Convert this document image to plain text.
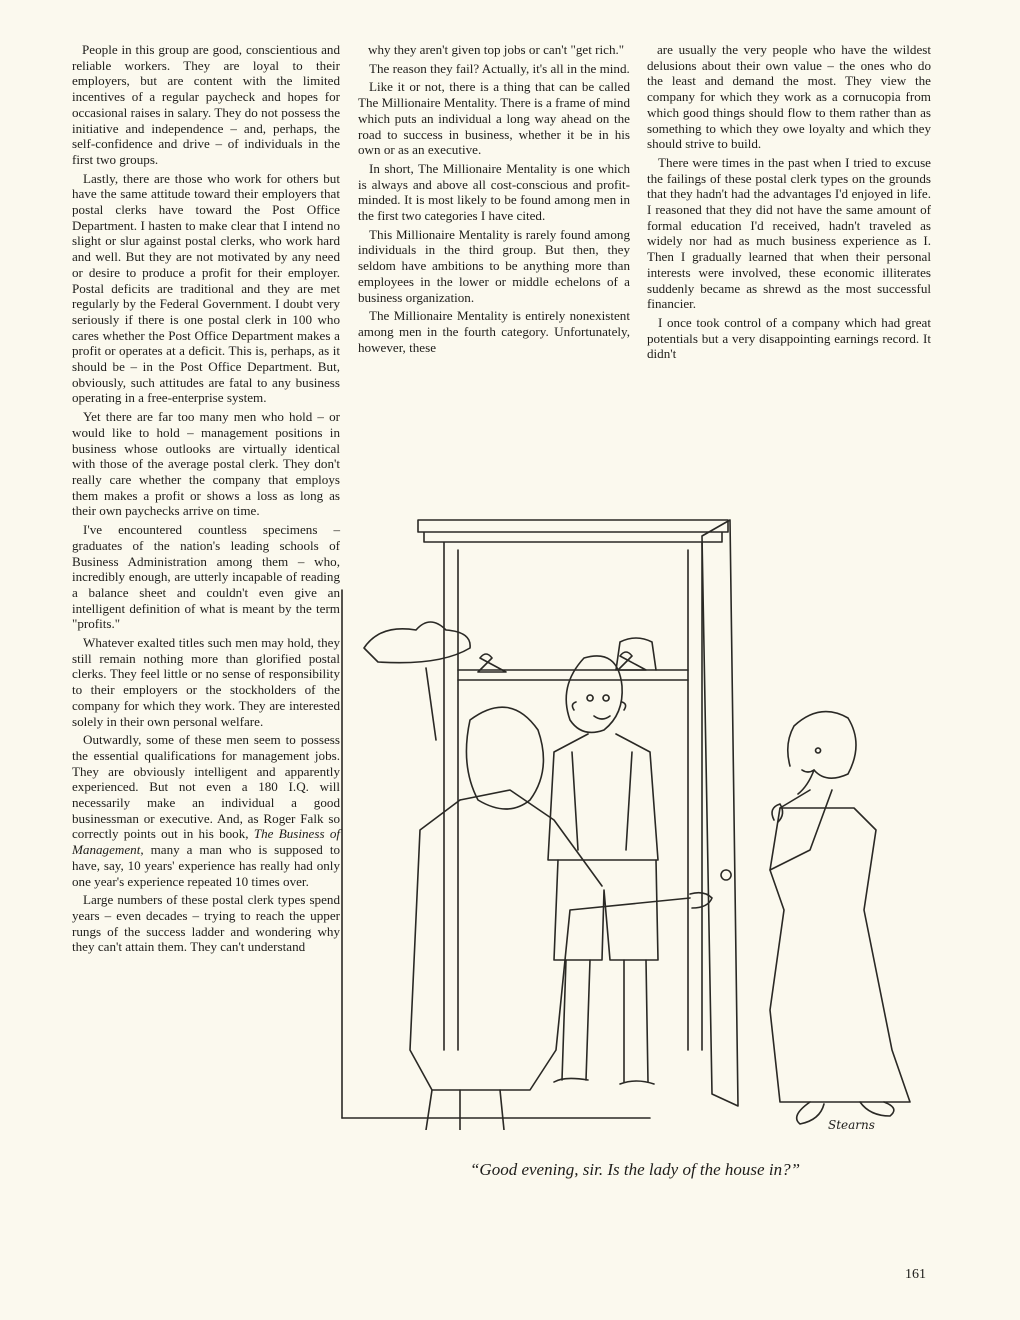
People in this group are good, conscientious and reliable workers. They are loyal to their employers, but are content with the limited incentives of a regular paycheck and hopes for occasional raises in salary. They do not possess the initiative and independence – and, perhaps, the self-confidence and drive – of individuals in the first two groups.

Lastly, there are those who work for others but have the same attitude toward their employers that postal clerks have toward the Post Office Department. I hasten to make clear that I intend no slight or slur against postal clerks, who work hard and well. But they are not motivated by any need or desire to produce a profit for their employer. Postal deficits are traditional and they are met regularly by the Federal Government. I doubt very seriously if there is one postal clerk in 100 who cares whether the Post Office Department makes a profit or operates at a deficit. This is, perhaps, as it should be – in the Post Office Department. But, obviously, such attitudes are fatal to any business operating in a free-enterprise system.

Yet there are far too many men who hold – or would like to hold – management positions in business whose outlooks are virtually identical with those of the average postal clerk. They don't really care whether the company that employs them makes a profit or shows a loss as long as their own paychecks arrive on time.

I've encountered countless specimens – graduates of the nation's leading schools of Business Administration among them – who, incredibly enough, are utterly incapable of reading a balance sheet and couldn't even give an intelligent definition of what is meant by the term "profits."

Whatever exalted titles such men may hold, they still remain nothing more than glorified postal clerks. They feel little or no sense of responsibility to their employers or the stockholders of the company for which they work. They are interested solely in their own personal welfare.

Outwardly, some of these men seem to possess the essential qualifications for management jobs. They are obviously intelligent and apparently experienced. But not even a 180 I.Q. will necessarily make an individual a good businessman or executive. And, as Roger Falk so correctly points out in his book, The Business of Management, many a man who is supposed to have, say, 10 years' experience has really had only one year's experience repeated 10 times over.

Large numbers of these postal clerk types spend years – even decades – trying to reach the upper rungs of the success ladder and wondering why they can't attain them. They can't understand

why they aren't given top jobs or can't "get rich."

The reason they fail? Actually, it's all in the mind.

Like it or not, there is a thing that can be called The Millionaire Mentality. There is a frame of mind which puts an individual a long way ahead on the road to success in business, whether it be in his own or as an executive.

In short, The Millionaire Mentality is one which is always and above all cost-conscious and profit-minded. It is most likely to be found among men in the first two categories I have cited.

This Millionaire Mentality is rarely found among individuals in the third group. But then, they seldom have ambitions to be anything more than employees in the lower or middle echelons of a business organization.

The Millionaire Mentality is entirely nonexistent among men in the fourth category. Unfortunately, however, these

are usually the very people who have the wildest delusions about their own value – the ones who do the least and demand the most. They view the company for which they work as a cornucopia from which good things should flow to them rather than as something to which they owe loyalty and which they should strive to build.

There were times in the past when I tried to excuse the failings of these postal clerk types on the grounds that they hadn't had the advantages I'd enjoyed in life. I reasoned that they did not have the same amount of formal education I'd received, hadn't traveled as widely nor had as much business experience as I. Then I gradually learned that when their personal interests were involved, these economic illiterates suddenly became as shrewd as the most successful financier.

I once took control of a company which had great potentials but a very disappointing earnings record. It didn't

Stearns
“Good evening, sir. Is the lady of the house in?”
161
